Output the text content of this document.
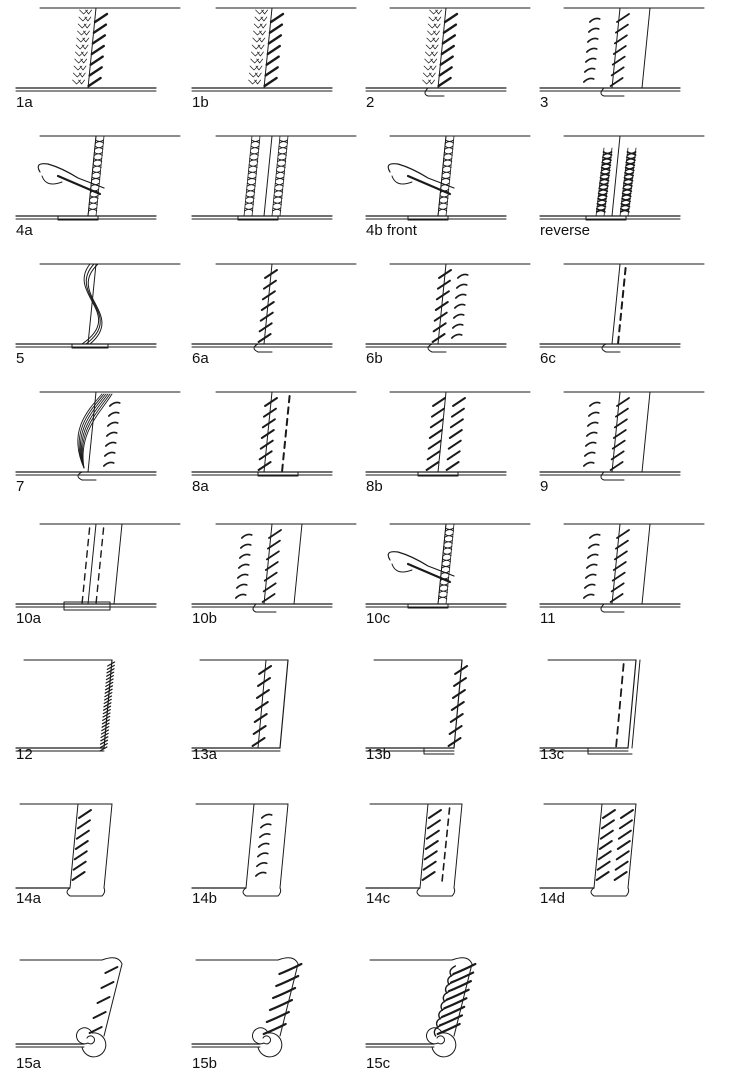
1a	1b	2	3
4a	4b front	reverse
5	6a	6b	6c
7	8a	8b	9
10a	10b	10c	11
12	13a	13b	13c
14a	14b	14c	14d
15a	15b	15c
